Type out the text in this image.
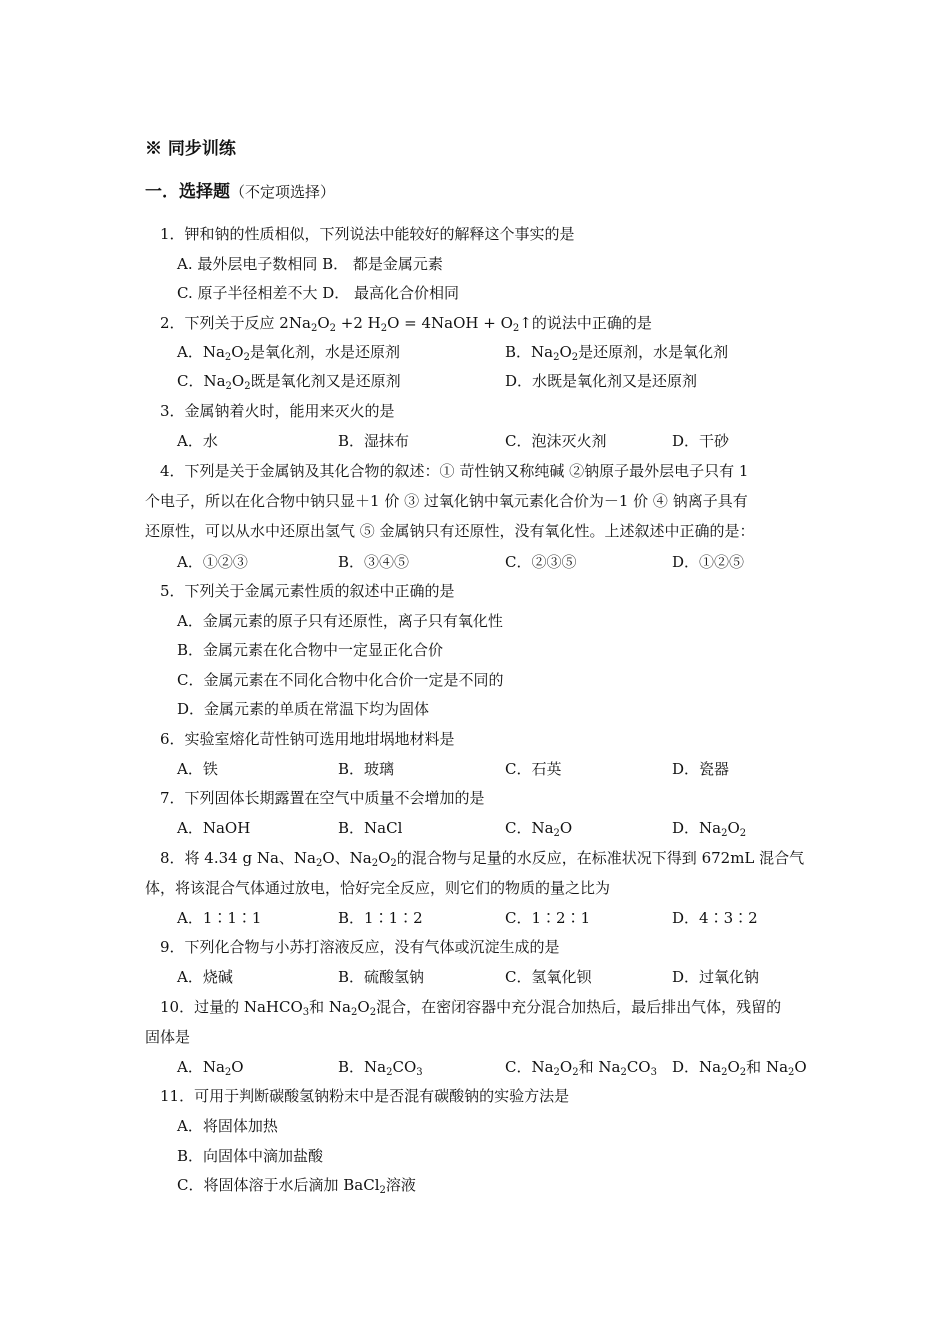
※ 同步训练
一．选择题（不定项选择）
1．钾和钠的性质相似，下列说法中能较好的解释这个事实的是
A. 最外层电子数相同 B． 都是金属元素
C. 原子半径相差不大 D． 最高化合价相同
2．下列关于反应 $2Na_2O_2 +2$ $H_2O$ = 4NaOH + $O_2↑$的说法中正确的是
A．$Na_2O_2$是氧化剂，水是还原剂	B．$Na_2O_2$是还原剂，水是氧化剂
C．$Na_2O_2$既是氧化剂又是还原剂	D．水既是氧化剂又是还原剂
3．金属钠着火时，能用来灭火的是
A．水	B．湿抹布	C．泡沫灭火剂	D．干砂
4．下列是关于金属钠及其化合物的叙述：① 苛性钠又称纯碱 ②钠原子最外层电子只有 1
个电子，所以在化合物中钠只显＋1 价 ③ 过氧化钠中氧元素化合价为－1 价 ④ 钠离子具有
还原性，可以从水中还原出氢气 ⑤ 金属钠只有还原性，没有氧化性。上述叙述中正确的是：
A．①②③	B．③④⑤	C．②③⑤	D．①②⑤
5．下列关于金属元素性质的叙述中正确的是
A．金属元素的原子只有还原性，离子只有氧化性
B．金属元素在化合物中一定显正化合价
C．金属元素在不同化合物中化合价一定是不同的
D．金属元素的单质在常温下均为固体
6．实验室熔化苛性钠可选用地坩埚地材料是
A．铁	B．玻璃	C．石英	D．瓷器
7．下列固体长期露置在空气中质量不会增加的是
A．NaOH	B．NaCl	C．$Na_2O$	D．$Na_2O_2$
8．将 4.34 g Na、$Na_2O$、$Na_2O_2$的混合物与足量的水反应，在标准状况下得到 672mL 混合气
体，将该混合气体通过放电，恰好完全反应，则它们的物质的量之比为
A．1∶1∶1	B．1∶1∶2	C．1∶2∶1	D．4∶3∶2
9．下列化合物与小苏打溶液反应，没有气体或沉淀生成的是
A．烧碱	B．硫酸氢钠	C．氢氧化钡	D．过氧化钠
10．过量的 NaHCO$_3$和 $Na_2O_2$混合，在密闭容器中充分混合加热后，最后排出气体，残留的
固体是
A．$Na_2O$	B．$Na_2CO_3$	C．$Na_2O_2$和 $Na_2CO_3$ D．$Na_2O_2$和 $Na_2O$
11．可用于判断碳酸氢钠粉末中是否混有碳酸钠的实验方法是
A．将固体加热
B．向固体中滴加盐酸
C．将固体溶于水后滴加 BaCl$_2$溶液
